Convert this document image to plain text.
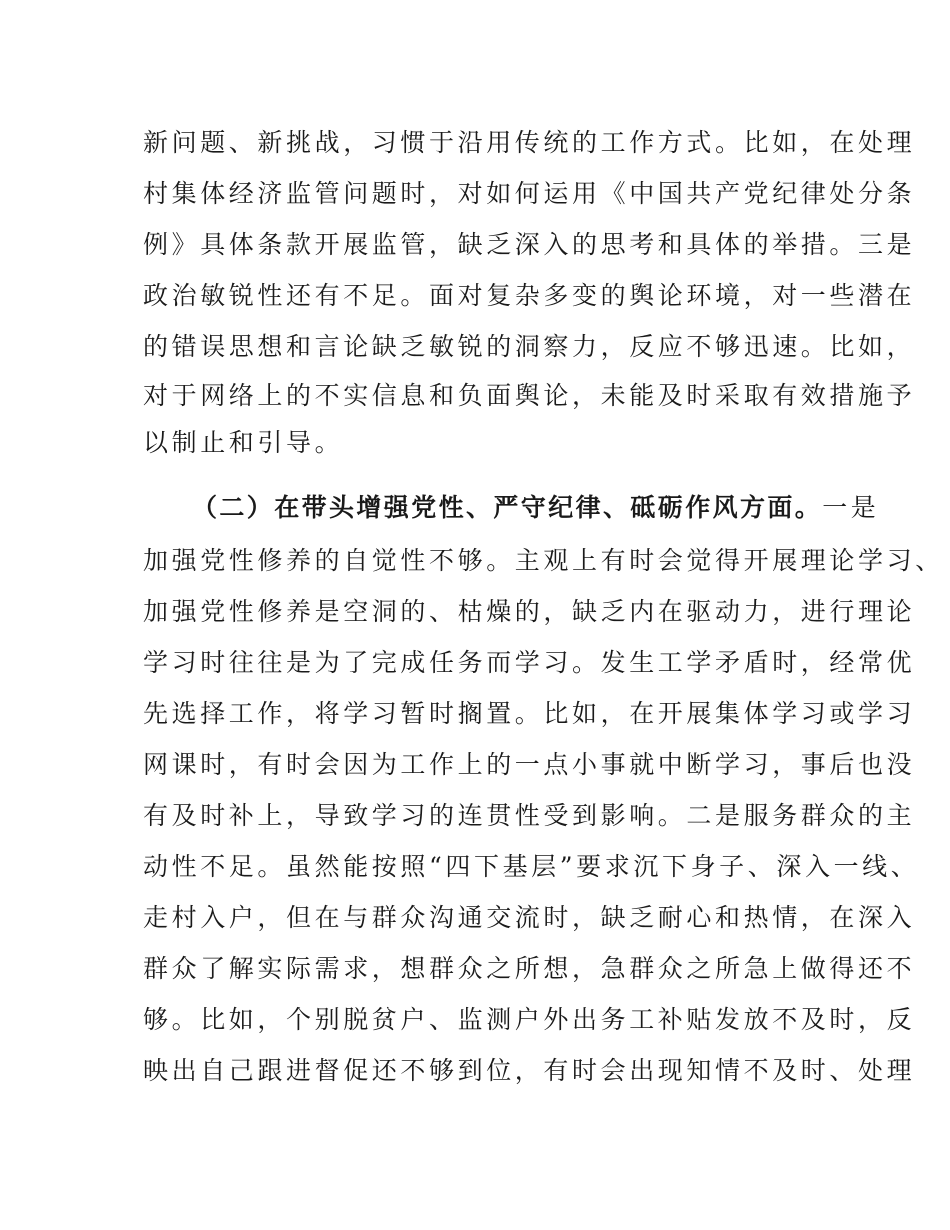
新问题、新挑战，习惯于沿用传统的工作方式。比如，在处理

村集体经济监管问题时，对如何运用《中国共产党纪律处分条

例》具体条款开展监管，缺乏深入的思考和具体的举措。三是

政治敏锐性还有不足。面对复杂多变的舆论环境，对一些潜在

的错误思想和言论缺乏敏锐的洞察力，反应不够迅速。比如，

对于网络上的不实信息和负面舆论，未能及时采取有效措施予

以制止和引导。

（二）在带头增强党性、严守纪律、砥砺作风方面。一是

加强党性修养的自觉性不够。主观上有时会觉得开展理论学习、

加强党性修养是空洞的、枯燥的，缺乏内在驱动力，进行理论

学习时往往是为了完成任务而学习。发生工学矛盾时，经常优

先选择工作，将学习暂时搁置。比如，在开展集体学习或学习

网课时，有时会因为工作上的一点小事就中断学习，事后也没

有及时补上，导致学习的连贯性受到影响。二是服务群众的主

动性不足。虽然能按照“四下基层”要求沉下身子、深入一线、

走村入户，但在与群众沟通交流时，缺乏耐心和热情，在深入

群众了解实际需求，想群众之所想，急群众之所急上做得还不

够。比如，个别脱贫户、监测户外出务工补贴发放不及时，反

映出自己跟进督促还不够到位，有时会出现知情不及时、处理
